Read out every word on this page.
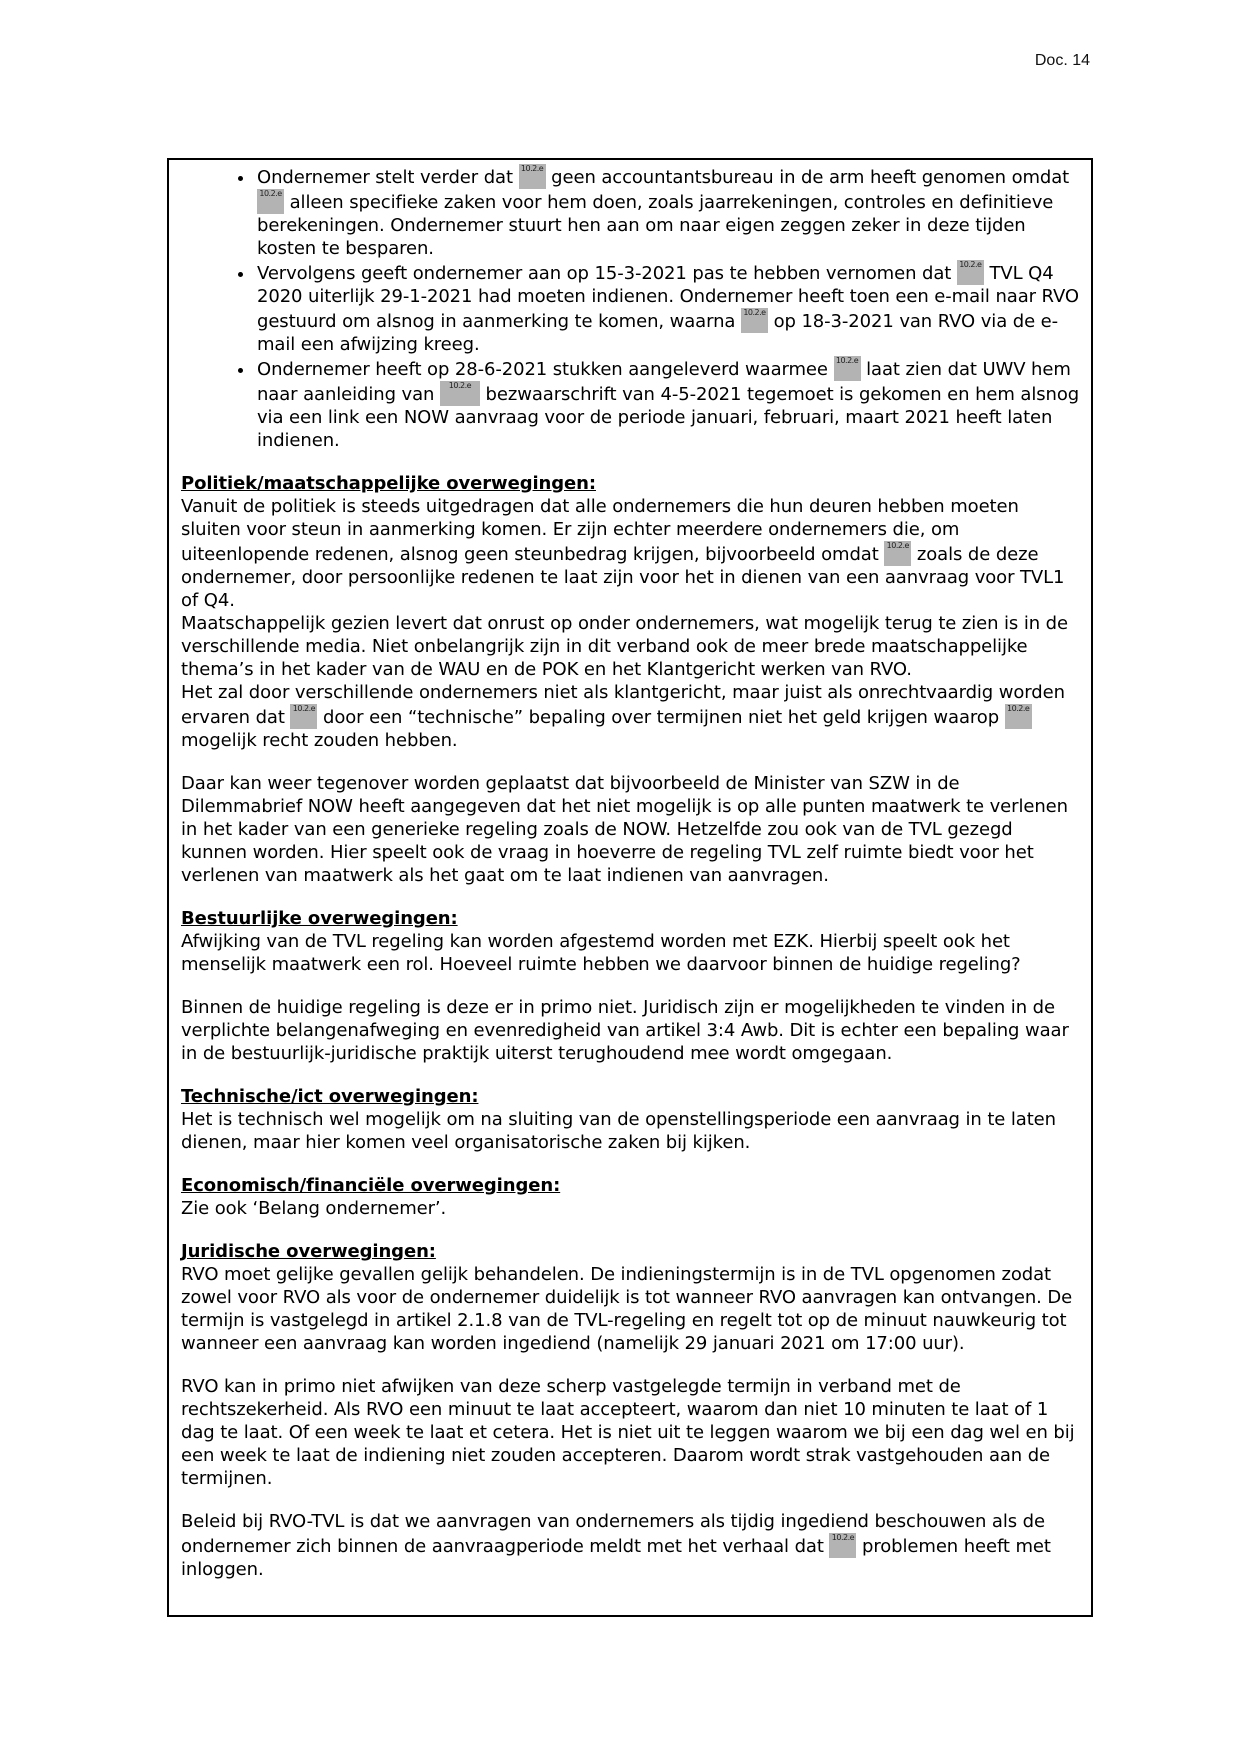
Doc. 14
• Ondernemer stelt verder dat 10.2.e geen accountantsbureau in de arm heeft genomen omdat
10.2.e alleen specifieke zaken voor hem doen, zoals jaarrekeningen, controles en definitieve berekeningen. Ondernemer stuurt hen aan om naar eigen zeggen zeker in deze tijden kosten te besparen.
• Vervolgens geeft ondernemer aan op 15-3-2021 pas te hebben vernomen dat 10.2.e TVL Q4 2020 uiterlijk 29-1-2021 had moeten indienen. Ondernemer heeft toen een e-mail naar RVO gestuurd om alsnog in aanmerking te komen, waarna 10.2.e op 18-3-2021 van RVO via de e-mail een afwijzing kreeg.
• Ondernemer heeft op 28-6-2021 stukken aangeleverd waarmee 10.2.e laat zien dat UWV hem naar aanleiding van	10.2.e bezwaarschrift van 4-5-2021 tegemoet is gekomen en hem alsnog via een link een NOW aanvraag voor de periode januari, februari, maart 2021 heeft laten indienen.
Politiek/maatschappelijke overwegingen:

Vanuit de politiek is steeds uitgedragen dat alle ondernemers die hun deuren hebben moeten sluiten voor steun in aanmerking komen. Er zijn echter meerdere ondernemers die, om uiteenlopende redenen, alsnog geen steunbedrag krijgen, bijvoorbeeld omdat 10.2.e zoals de deze ondernemer, door persoonlijke redenen te laat zijn voor het in dienen van een aanvraag voor TVL1 of Q4.

Maatschappelijk gezien levert dat onrust op onder ondernemers, wat mogelijk terug te zien is in de verschillende media. Niet onbelangrijk zijn in dit verband ook de meer brede maatschappelijke thema’s in het kader van de WAU en de POK en het Klantgericht werken van RVO.

Het zal door verschillende ondernemers niet als klantgericht, maar juist als onrechtvaardig worden ervaren dat 10.2.e door een “technische” bepaling over termijnen niet het geld krijgen waarop 10.2.e
mogelijk recht zouden hebben.

Daar kan weer tegenover worden geplaatst dat bijvoorbeeld de Minister van SZW in de Dilemmabrief NOW heeft aangegeven dat het niet mogelijk is op alle punten maatwerk te verlenen in het kader van een generieke regeling zoals de NOW. Hetzelfde zou ook van de TVL gezegd kunnen worden. Hier speelt ook de vraag in hoeverre de regeling TVL zelf ruimte biedt voor het verlenen van maatwerk als het gaat om te laat indienen van aanvragen.

Bestuurlijke overwegingen:

Afwijking van de TVL regeling kan worden afgestemd worden met EZK. Hierbij speelt ook het menselijk maatwerk een rol. Hoeveel ruimte hebben we daarvoor binnen de huidige regeling?

Binnen de huidige regeling is deze er in primo niet. Juridisch zijn er mogelijkheden te vinden in de verplichte belangenafweging en evenredigheid van artikel 3:4 Awb. Dit is echter een bepaling waar in de bestuurlijk-juridische praktijk uiterst terughoudend mee wordt omgegaan.

Technische/ict overwegingen:

Het is technisch wel mogelijk om na sluiting van de openstellingsperiode een aanvraag in te laten dienen, maar hier komen veel organisatorische zaken bij kijken.

Economisch/financiële overwegingen:

Zie ook ‘Belang ondernemer’.

Juridische overwegingen:

RVO moet gelijke gevallen gelijk behandelen. De indieningstermijn is in de TVL opgenomen zodat zowel voor RVO als voor de ondernemer duidelijk is tot wanneer RVO aanvragen kan ontvangen. De termijn is vastgelegd in artikel 2.1.8 van de TVL-regeling en regelt tot op de minuut nauwkeurig tot wanneer een aanvraag kan worden ingediend (namelijk 29 januari 2021 om 17:00 uur).

RVO kan in primo niet afwijken van deze scherp vastgelegde termijn in verband met de rechtszekerheid. Als RVO een minuut te laat accepteert, waarom dan niet 10 minuten te laat of 1 dag te laat. Of een week te laat et cetera. Het is niet uit te leggen waarom we bij een dag wel en bij een week te laat de indiening niet zouden accepteren. Daarom wordt strak vastgehouden aan de termijnen.

Beleid bij RVO-TVL is dat we aanvragen van ondernemers als tijdig ingediend beschouwen als de ondernemer zich binnen de aanvraagperiode meldt met het verhaal dat 10.2.e problemen heeft met inloggen.
